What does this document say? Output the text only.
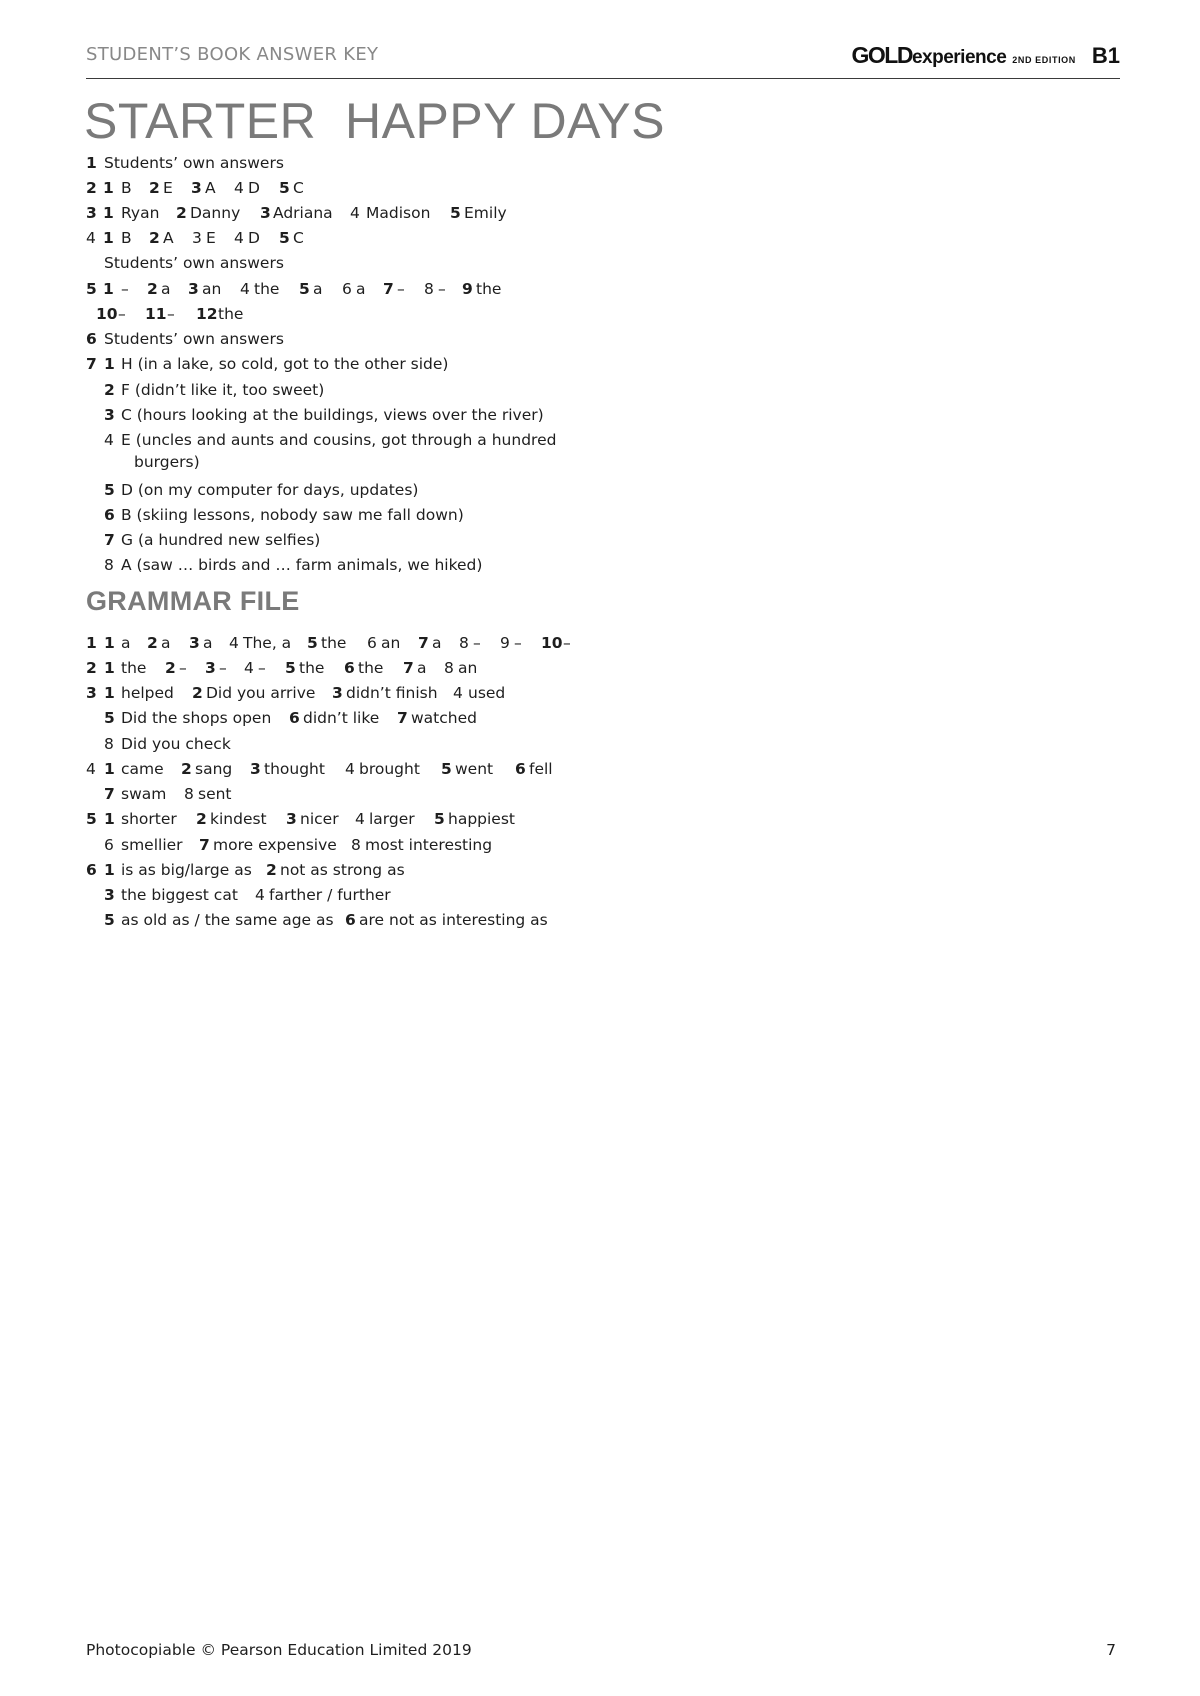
STUDENT’S BOOK ANSWER KEY	GOLDexperience 2ND EDITION B1
STARTER  HAPPY DAYS
1 Students’ own answers
2 1 B 2 E 3 A 4 D 5 C
3 1 Ryan 2 Danny 3 Adriana 4 Madison 5 Emily
4 1 B 2 A 3 E 4 D 5 C
Students’ own answers
5 1 – 2 a 3 an 4 the 5 a 6 a 7 – 8 – 9 the
10 – 11 – 12 the
6 Students’ own answers
7 1 H (in a lake, so cold, got to the other side)
2 F (didn’t like it, too sweet)
3 C (hours looking at the buildings, views over the river)
4 E (uncles and aunts and cousins, got through a hundred
burgers)
5 D (on my computer for days, updates)
6 B (skiing lessons, nobody saw me fall down)
7 G (a hundred new selfies)
8 A (saw … birds and … farm animals, we hiked)
GRAMMAR FILE
1 1 a 2 a 3 a 4 The, a 5 the 6 an 7 a 8 – 9 – 10 –
2 1 the 2 – 3 – 4 – 5 the 6 the 7 a 8 an
3 1 helped 2 Did you arrive 3 didn’t finish 4 used
5 Did the shops open 6 didn’t like 7 watched
8 Did you check
4 1 came 2 sang 3 thought 4 brought 5 went 6 fell
7 swam 8 sent
5 1 shorter 2 kindest 3 nicer 4 larger 5 happiest
6 smellier 7 more expensive 8 most interesting
6 1 is as big/large as 2 not as strong as
3 the biggest cat 4 farther / further
5 as old as / the same age as 6 are not as interesting as
Photocopiable © Pearson Education Limited 2019	7
